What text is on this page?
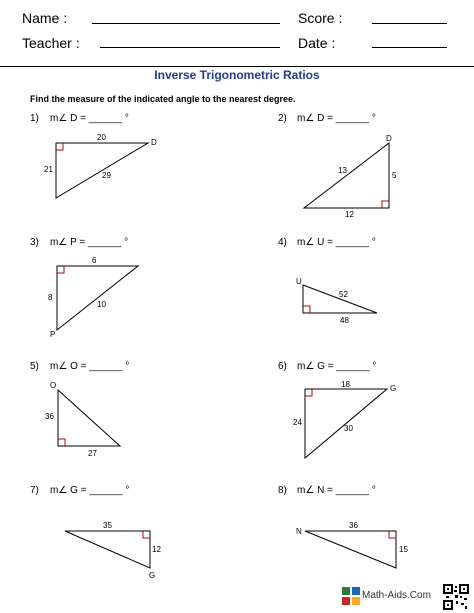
Name :	Score :
Teacher :	Date :
Inverse Trigonometric Ratios
Find the measure of the indicated angle to the nearest degree.
1) m∠ D = ______ °
20
D
21
29
2) m∠ D = ______ °
D
13
5
12
3) m∠ P = ______ °
6
8
10
P
4) m∠ U = ______ °
U
52
48
5) m∠ O = ______ °
O
36
27
6) m∠ G = ______ °
18	G
24
30
7) m∠ G = ______ °
35
12
G
8) m∠ N = ______ °
N
36
15
Math-Aids.Com
